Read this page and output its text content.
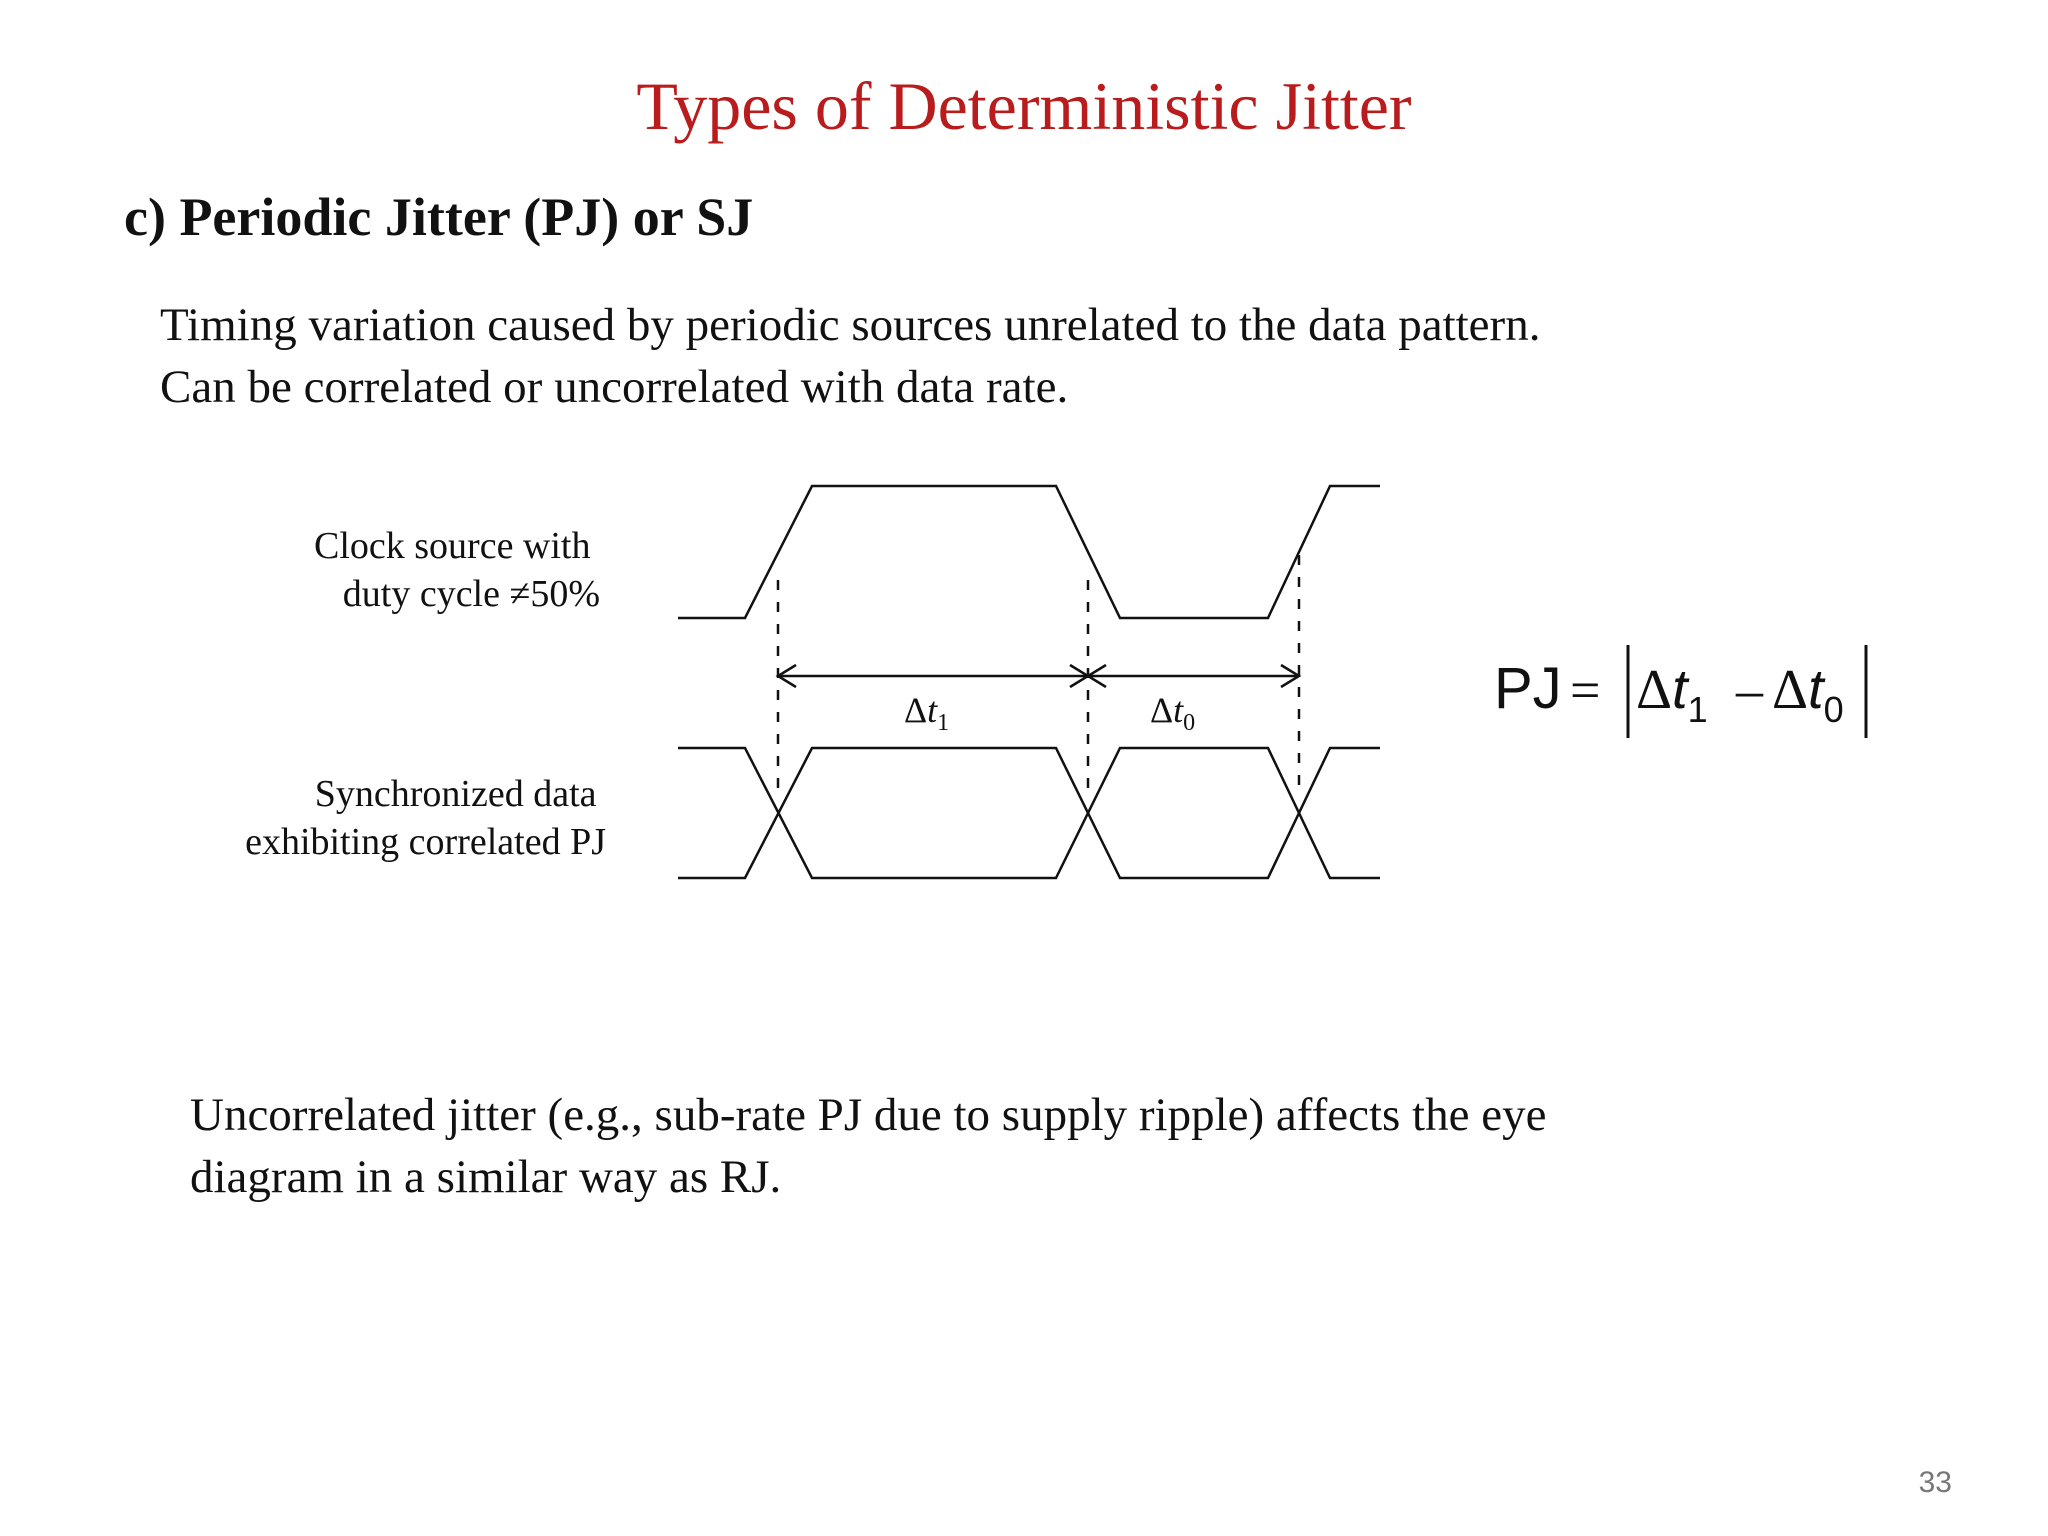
Types of Deterministic Jitter
c) Periodic Jitter (PJ) or SJ
Timing variation caused by periodic sources unrelated to the data pattern.
Can be correlated or uncorrelated with data rate.
$\Delta t_1$	$\Delta t_0$
Clock source with duty cycle ≠50%
Synchronized data exhibiting correlated PJ
PJ = $\Delta t_1 - \Delta t_0$
Uncorrelated jitter (e.g., sub-rate PJ due to supply ripple) affects the eye
diagram in a similar way as RJ.
33
